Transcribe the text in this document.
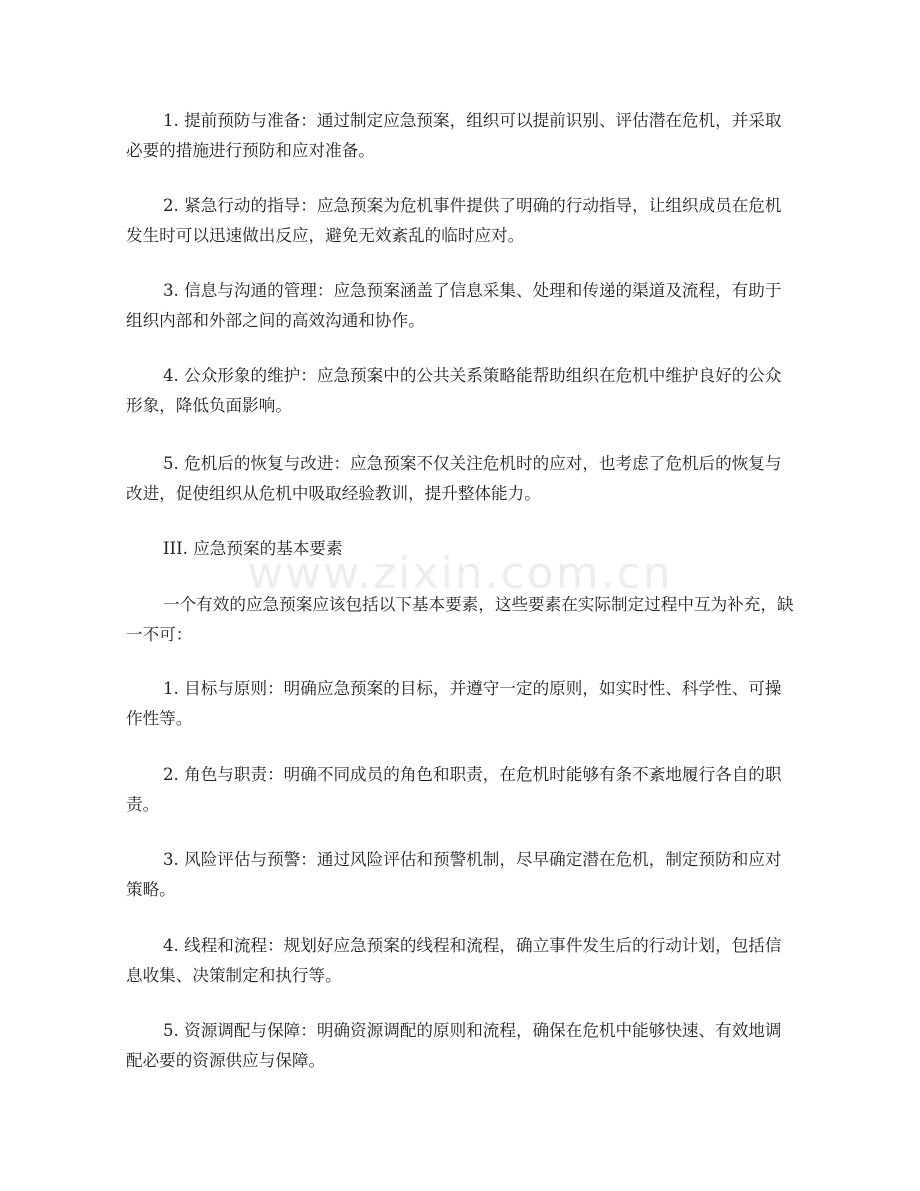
www.zixin.com.cn

1. 提前预防与准备：通过制定应急预案，组织可以提前识别、评估潜在危机，并采取必要的措施进行预防和应对准备。

2. 紧急行动的指导：应急预案为危机事件提供了明确的行动指导，让组织成员在危机发生时可以迅速做出反应，避免无效紊乱的临时应对。

3. 信息与沟通的管理：应急预案涵盖了信息采集、处理和传递的渠道及流程，有助于组织内部和外部之间的高效沟通和协作。

4. 公众形象的维护：应急预案中的公共关系策略能帮助组织在危机中维护良好的公众形象，降低负面影响。

5. 危机后的恢复与改进：应急预案不仅关注危机时的应对，也考虑了危机后的恢复与改进，促使组织从危机中吸取经验教训，提升整体能力。

III. 应急预案的基本要素

一个有效的应急预案应该包括以下基本要素，这些要素在实际制定过程中互为补充，缺一不可：

1. 目标与原则：明确应急预案的目标，并遵守一定的原则，如实时性、科学性、可操作性等。

2. 角色与职责：明确不同成员的角色和职责，在危机时能够有条不紊地履行各自的职责。

3. 风险评估与预警：通过风险评估和预警机制，尽早确定潜在危机，制定预防和应对策略。

4. 线程和流程：规划好应急预案的线程和流程，确立事件发生后的行动计划，包括信息收集、决策制定和执行等。

5. 资源调配与保障：明确资源调配的原则和流程，确保在危机中能够快速、有效地调配必要的资源供应与保障。
